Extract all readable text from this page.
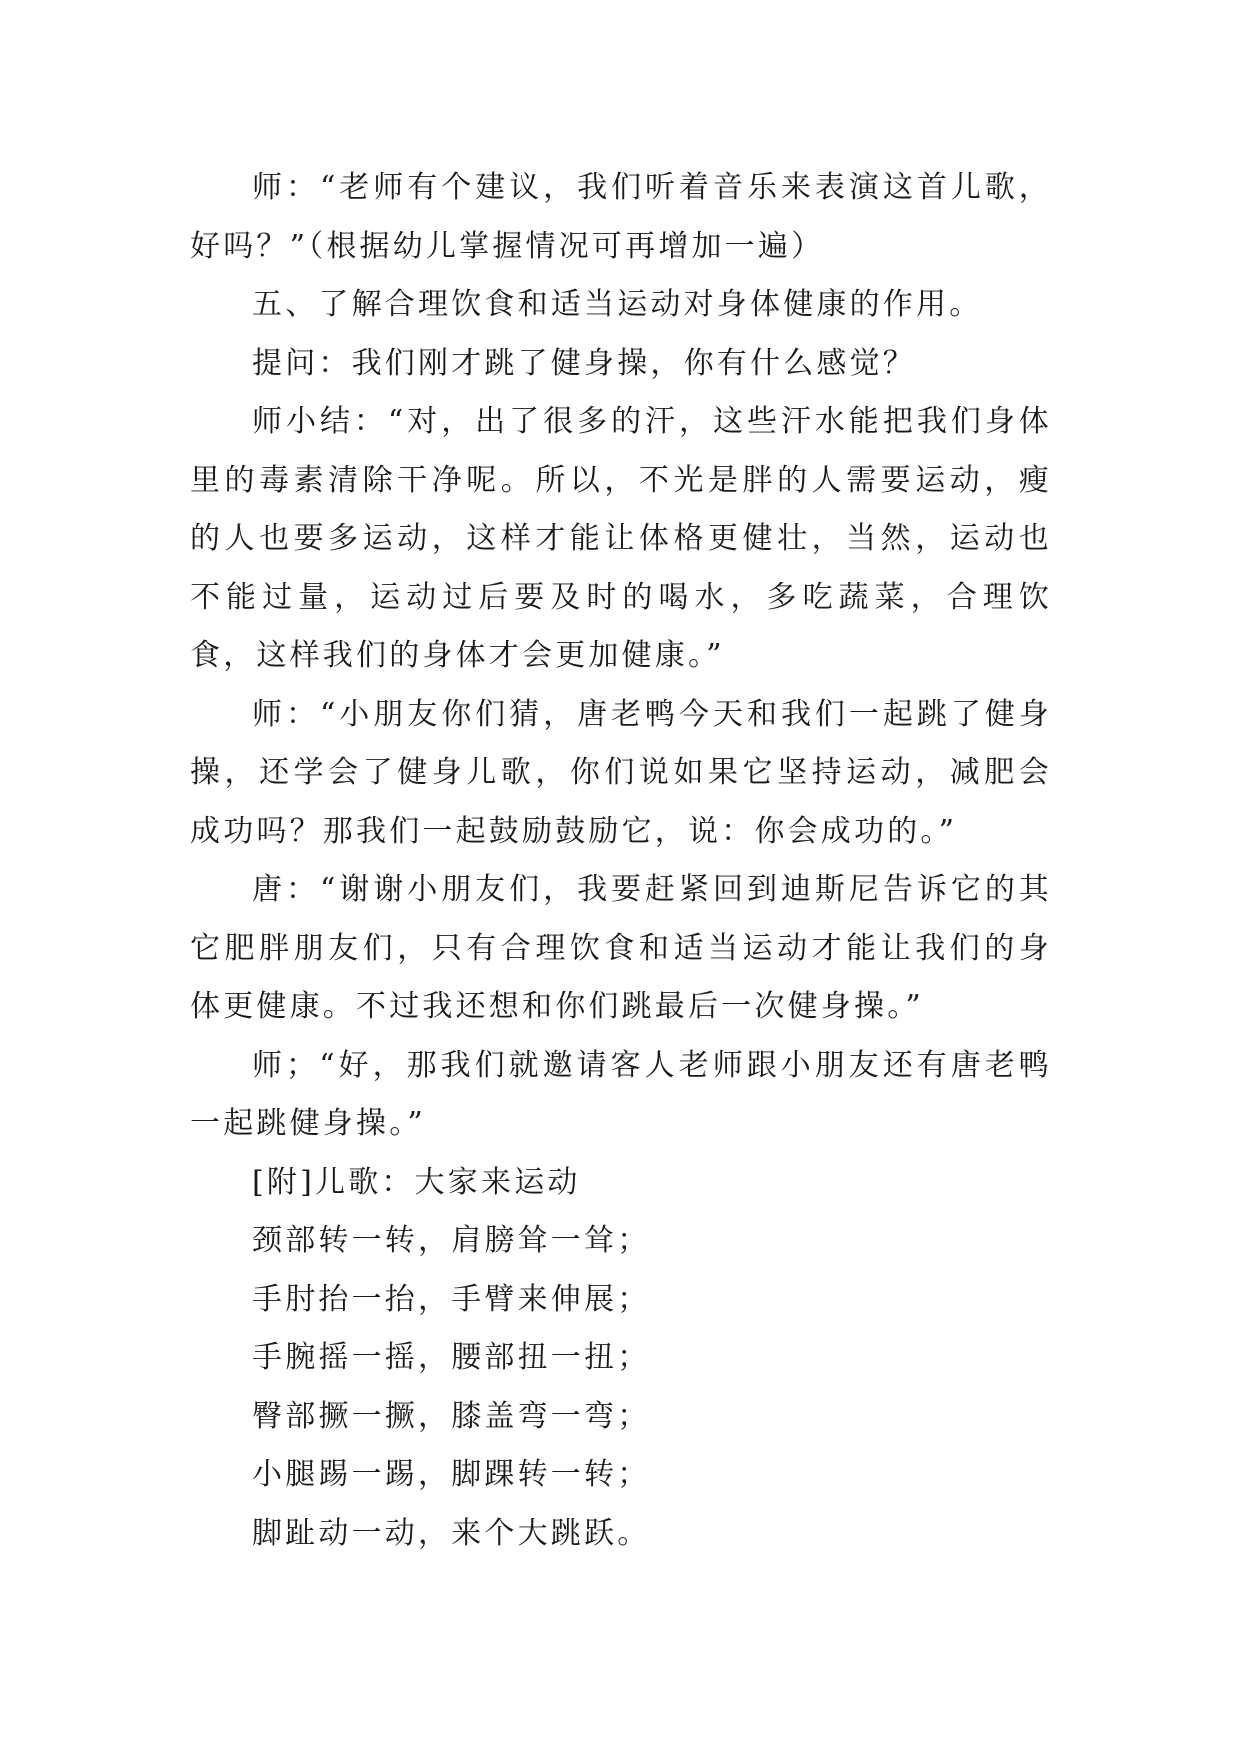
师：“老师有个建议，我们听着音乐来表演这首儿歌，好吗？”（根据幼儿掌握情况可再增加一遍）

五、了解合理饮食和适当运动对身体健康的作用。

提问：我们刚才跳了健身操，你有什么感觉？

师小结：“对，出了很多的汗，这些汗水能把我们身体里的毒素清除干净呢。所以，不光是胖的人需要运动，瘦的人也要多运动，这样才能让体格更健壮，当然，运动也不能过量，运动过后要及时的喝水，多吃蔬菜，合理饮食，这样我们的身体才会更加健康。”

师：“小朋友你们猜，唐老鸭今天和我们一起跳了健身操，还学会了健身儿歌，你们说如果它坚持运动，减肥会成功吗？那我们一起鼓励鼓励它，说：你会成功的。”

唐：“谢谢小朋友们，我要赶紧回到迪斯尼告诉它的其它肥胖朋友们，只有合理饮食和适当运动才能让我们的身体更健康。不过我还想和你们跳最后一次健身操。”

师；“好，那我们就邀请客人老师跟小朋友还有唐老鸭一起跳健身操。”

[附]儿歌：大家来运动

颈部转一转，肩膀耸一耸；

手肘抬一抬，手臂来伸展；

手腕摇一摇，腰部扭一扭；

臀部撅一撅，膝盖弯一弯；

小腿踢一踢，脚踝转一转；

脚趾动一动，来个大跳跃。
